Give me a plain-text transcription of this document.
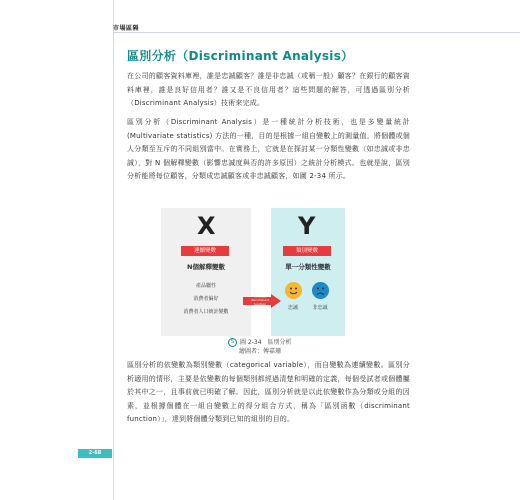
市場區隔
區別分析（Discriminant Analysis）
在公司的顧客資料庫裡，誰是忠誠顧客？誰是非忠誠（或稱一般）顧客？在銀行的顧客資料庫裡，誰是良好信用者？誰又是不良信用者？這些問題的解答，可透過區別分析（Discriminant Analysis）技術來完成。
區別分析（Discriminant Analysis）是一種統計分析技術，也是多變量統計(Multivariate statistics) 方法的一種，目的是根據一組自變數上的測量值，將個體或個人分類至互斥的不同組別當中。在實務上，它就是在探討某一分類性變數（如忠誠或非忠誠），對 N 個解釋變數（影響忠誠度與否的許多原因）之統計分析模式。也就是說，區別分析能將每位顧客，分類成忠誠顧客或非忠誠顧客，如圖 2-34 所示。
X	Y
連續變數	類別變數
N個解釋變數	單一分類性變數
產品屬性
消費者偏好
消費者人口統計變數
區別函數 discriminant function
忠誠	非忠誠
S 圖 2-34　區別分析
繪圖者：傅嘉珊
區別分析的依變數為類別變數（categorical variable），而自變數為連續變數。區別分析適用的情形，主要是依變數的每個類別都經過清楚和明確的定義，每個受試者或個體屬於其中之一，且事前就已明確了解。因此，區別分析就是以此依變數作為分類或分組的因素，並根據個體在一組自變數上的得分組合方式，稱為「區別函數（discriminant function）」，達到將個體分類到已知的組別的目的。
2-68
